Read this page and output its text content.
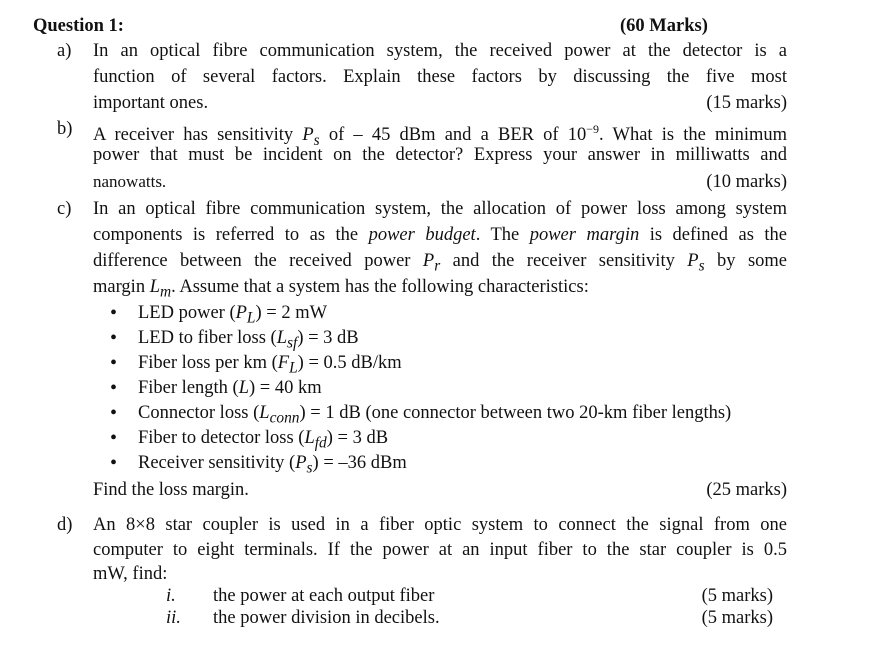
Question 1:	(60 Marks)
a) In an optical fibre communication system, the received power at the detector is a
function of several factors. Explain these factors by discussing the five most
important ones.	(15 marks)
b) A receiver has sensitivity $P_s$ of – 45 dBm and a BER of $10^{-9}$. What is the minimum
power that must be incident on the detector? Express your answer in milliwatts and
nanowatts.	(10 marks)
c) In an optical fibre communication system, the allocation of power loss among system
components is referred to as the power budget. The power margin is defined as the
difference between the received power $P_r$ and the receiver sensitivity $P_s$ by some
margin $L_m$. Assume that a system has the following characteristics:
• LED power $(P_L) = 2$ mW
• LED to fiber loss $(L_{sf}) = 3$ dB
• Fiber loss per km $(F_L) = 0.5$ dB/km
• Fiber length (L) = 40 km
• Connector loss $(L_{conn}) = 1$ dB (one connector between two 20-km fiber lengths)
• Fiber to detector loss $(L_{fd}) = 3$ dB
• Receiver sensitivity $(P_s) = -36$ dBm
Find the loss margin.	(25 marks)
d) An 8×8 star coupler is used in a fiber optic system to connect the signal from one
computer to eight terminals. If the power at an input fiber to the star coupler is 0.5
mW, find:
i. the power at each output fiber	(5 marks)
ii. the power division in decibels.	(5 marks)
